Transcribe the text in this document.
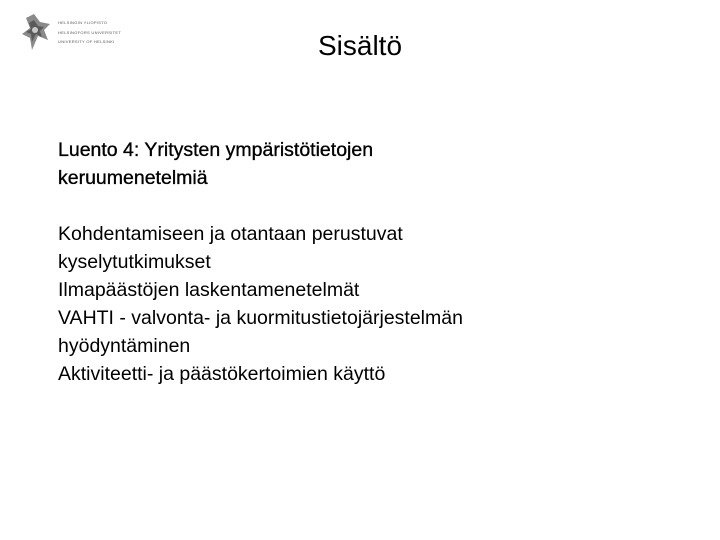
HELSINGIN YLIOPISTO
HELSINGFORS UNIVERSITET
UNIVERSITY OF HELSINKI	Sisältö
Luento 4: Yritysten ympäristötietojen
keruumenetelmiä
Kohdentamiseen ja otantaan perustuvat
kyselytutkimukset
Ilmapäästöjen laskentamenetelmät
VAHTI - valvonta- ja kuormitustietojärjestelmän
hyödyntäminen
Aktiviteetti- ja päästökertoimien käyttö
